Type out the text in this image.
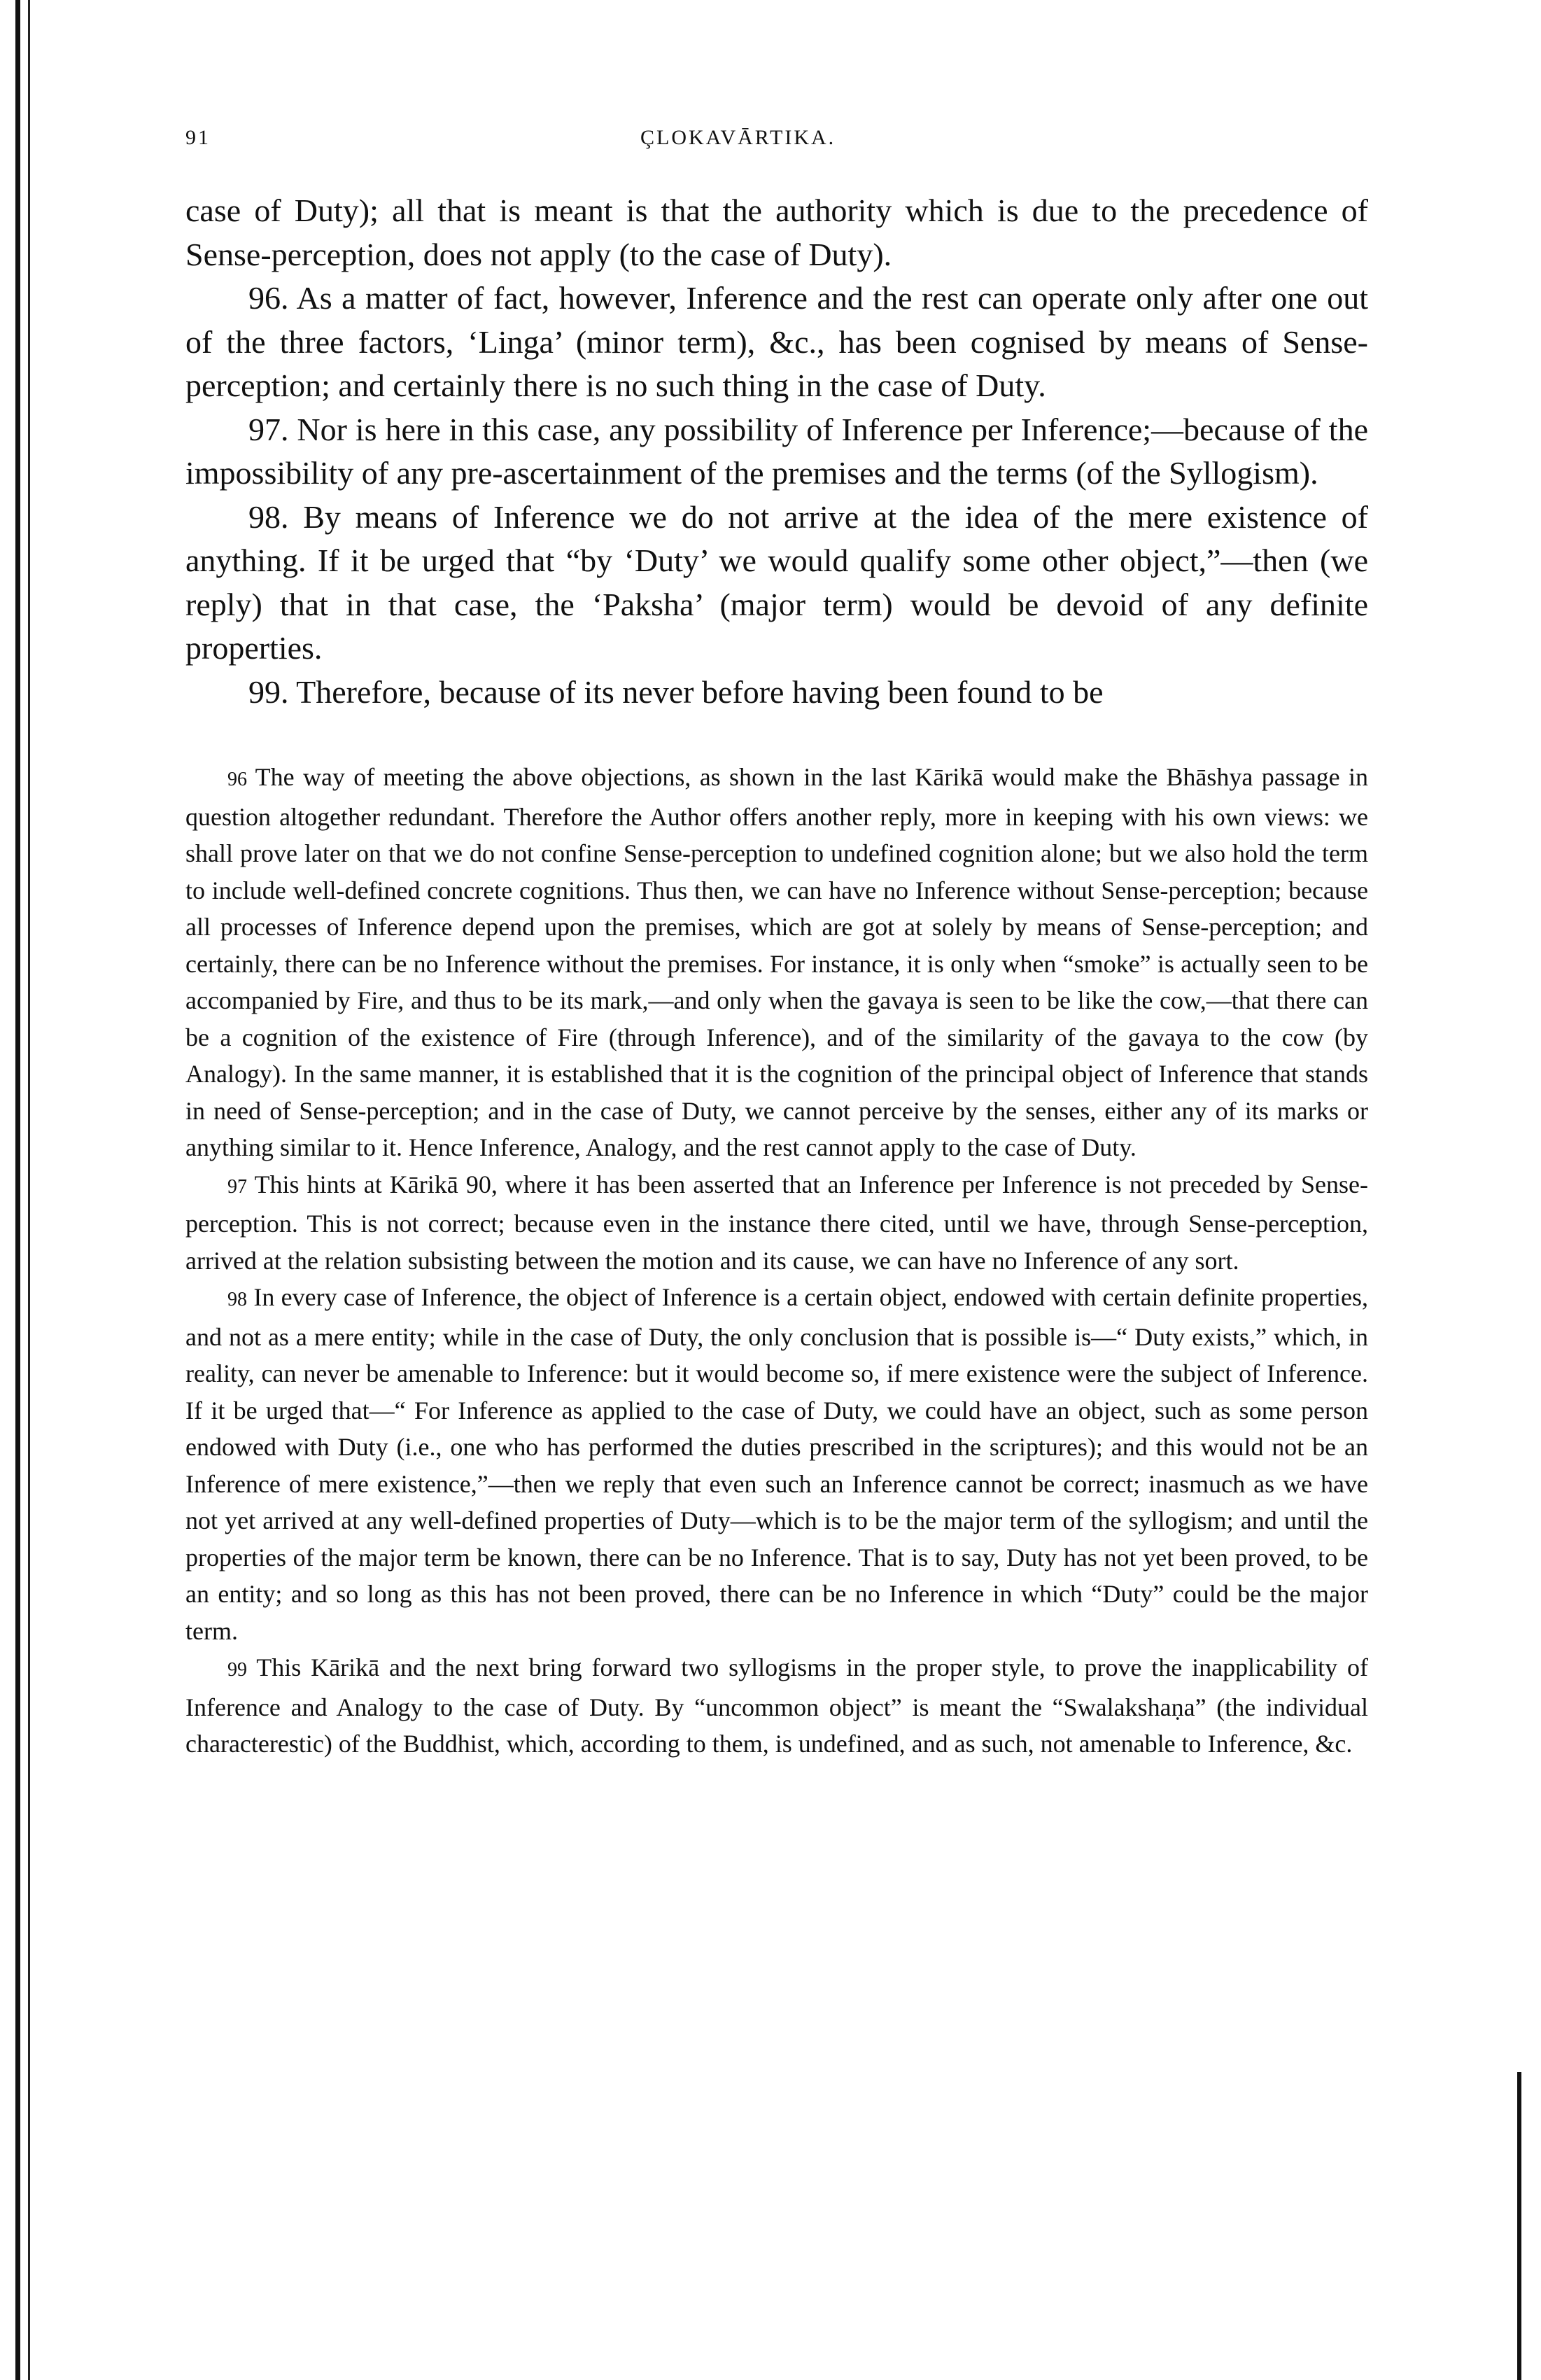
91	ÇLOKAVĀRTIKA.

case of Duty); all that is meant is that the authority which is due to the precedence of Sense-perception, does not apply (to the case of Duty).

96. As a matter of fact, however, Inference and the rest can operate only after one out of the three factors, ‘Linga’ (minor term), &c., has been cognised by means of Sense-perception; and certainly there is no such thing in the case of Duty.

97. Nor is here in this case, any possibility of Inference per Inference;—because of the impossibility of any pre-ascertainment of the premises and the terms (of the Syllogism).

98. By means of Inference we do not arrive at the idea of the mere existence of anything. If it be urged that “by ‘Duty’ we would qualify some other object,”—then (we reply) that in that case, the ‘Paksha’ (major term) would be devoid of any definite properties.

99. Therefore, because of its never before having been found to be

96 The way of meeting the above objections, as shown in the last Kārikā would make the Bhāshya passage in question altogether redundant. Therefore the Author offers another reply, more in keeping with his own views: we shall prove later on that we do not confine Sense-perception to undefined cognition alone; but we also hold the term to include well-defined concrete cognitions. Thus then, we can have no Inference without Sense-perception; because all processes of Inference depend upon the premises, which are got at solely by means of Sense-perception; and certainly, there can be no Inference without the premises. For instance, it is only when “smoke” is actually seen to be accompanied by Fire, and thus to be its mark,—and only when the gavaya is seen to be like the cow,—that there can be a cognition of the existence of Fire (through Inference), and of the similarity of the gavaya to the cow (by Analogy). In the same manner, it is established that it is the cognition of the principal object of Inference that stands in need of Sense-perception; and in the case of Duty, we cannot perceive by the senses, either any of its marks or anything similar to it. Hence Inference, Analogy, and the rest cannot apply to the case of Duty.

97 This hints at Kārikā 90, where it has been asserted that an Inference per Inference is not preceded by Sense-perception. This is not correct; because even in the instance there cited, until we have, through Sense-perception, arrived at the relation subsisting between the motion and its cause, we can have no Inference of any sort.

98 In every case of Inference, the object of Inference is a certain object, endowed with certain definite properties, and not as a mere entity; while in the case of Duty, the only conclusion that is possible is—“ Duty exists,” which, in reality, can never be amenable to Inference: but it would become so, if mere existence were the subject of Inference. If it be urged that—“ For Inference as applied to the case of Duty, we could have an object, such as some person endowed with Duty (i.e., one who has performed the duties prescribed in the scriptures); and this would not be an Inference of mere existence,”—then we reply that even such an Inference cannot be correct; inasmuch as we have not yet arrived at any well-defined properties of Duty—which is to be the major term of the syllogism; and until the properties of the major term be known, there can be no Inference. That is to say, Duty has not yet been proved, to be an entity; and so long as this has not been proved, there can be no Inference in which “Duty” could be the major term.

99 This Kārikā and the next bring forward two syllogisms in the proper style, to prove the inapplicability of Inference and Analogy to the case of Duty. By “uncommon object” is meant the “Swalakshaṇa” (the individual characterestic) of the Buddhist, which, according to them, is undefined, and as such, not amenable to Inference, &c.
